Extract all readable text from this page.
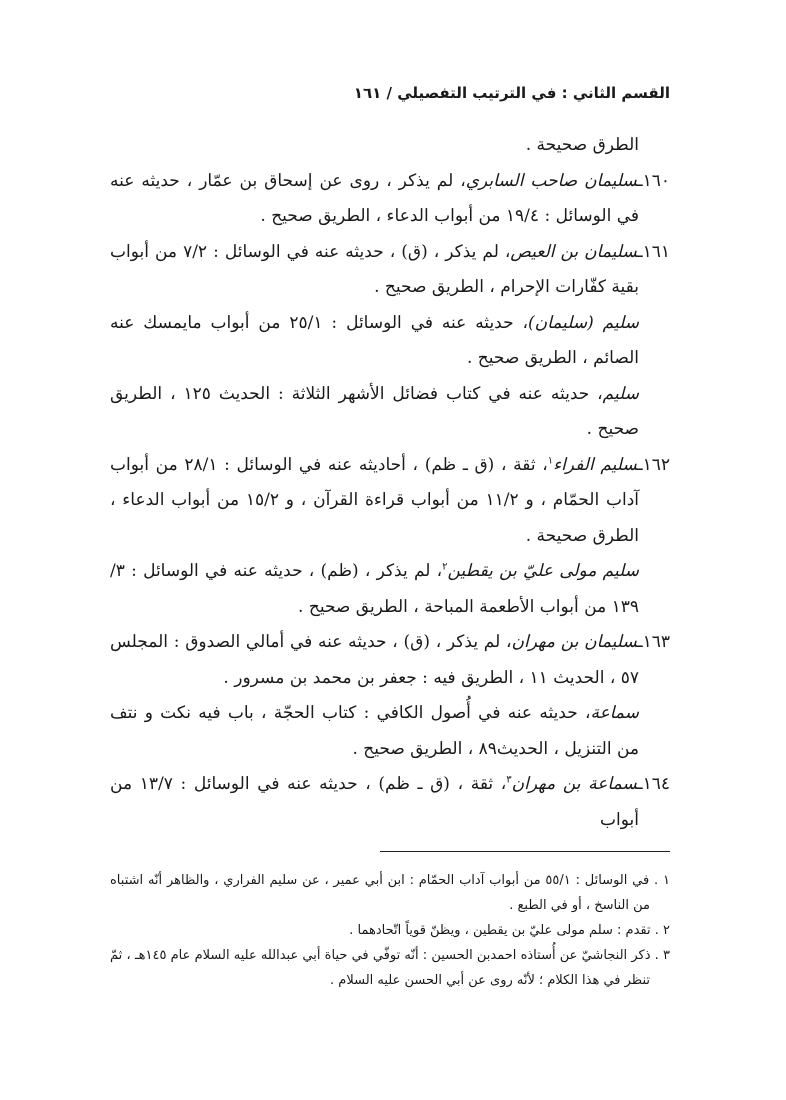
القسم الثاني : في الترتيب التفصيلي / ١٦١

الطرق صحيحة .

١٦٠ـسليمان صاحب السابري، لم يذكر ، روى عن إسحاق بن عمّار ، حديثه عنه في الوسائل : ١٩/٤ من أبواب الدعاء ، الطريق صحيح .

١٦١ـسليمان بن العيص، لم يذكر ، (ق) ، حديثه عنه في الوسائل : ٧/٢ من أبواب بقية كفّارات الإحرام ، الطريق صحيح .

سليم (سليمان)، حديثه عنه في الوسائل : ٢٥/١ من أبواب مايمسك عنه الصائم ، الطريق صحيح .

سليم، حديثه عنه في كتاب فضائل الأشهر الثلاثة : الحديث ١٢٥ ، الطريق صحيح .

١٦٢ـسليم الفراء$^١$، ثقة ، (ق ـ ظم) ، أحاديثه عنه في الوسائل : ٢٨/١ من أبواب آداب الحمّام ، و ١١/٢ من أبواب قراءة القرآن ، و ١٥/٢ من أبواب الدعاء ، الطرق صحيحة .

سليم مولى عليّ بن يقطين$^٢$، لم يذكر ، (ظم) ، حديثه عنه في الوسائل : ٣/ ١٣٩ من أبواب الأطعمة المباحة ، الطريق صحيح .

١٦٣ـسليمان بن مهران، لم يذكر ، (ق) ، حديثه عنه في أمالي الصدوق : المجلس ٥٧ ، الحديث ١١ ، الطريق فيه : جعفر بن محمد بن مسرور .

سماعة، حديثه عنه في أُصول الكافي : كتاب الحجّة ، باب فيه نكت و نتف من التنزيل ، الحديث٨٩ ، الطريق صحيح .

١٦٤ـسماعة بن مهران$^٣$، ثقة ، (ق ـ ظم) ، حديثه عنه في الوسائل : ١٣/٧ من أبواب

١ . في الوسائل : ٥٥/١ من أبواب آداب الحمّام : ابن أبي عمير ، عن سليم الفراري ، والظاهر أنّه اشتباه من الناسخ ، أو في الطبع .

٢ . تقدم : سلم مولى عليّ بن يقطين ، ويظنّ قوياً اتّحادهما .

٣ . ذكر النجاشيّ عن أُستاذه احمدبن الحسين : أنّه توفّي في حياة أبي عبدالله عليه السلام عام ١٤٥هـ ، ثمّ تنظر في هذا الكلام ؛ لأنّه روى عن أبي الحسن عليه السلام .
